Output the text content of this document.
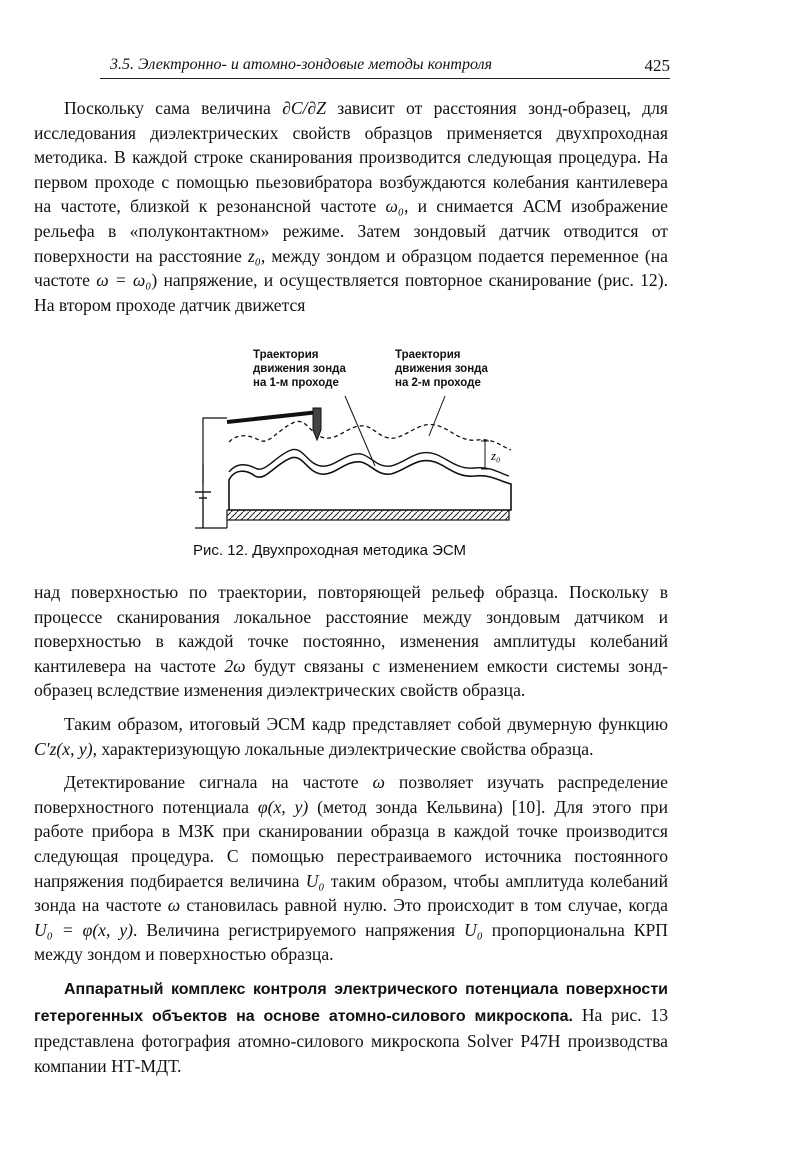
3.5. Электронно- и атомно-зондовые методы контроля	425

Поскольку сама величина ∂C/∂Z зависит от расстояния зонд-образец, для исследования диэлектрических свойств образцов применяется двухпроходная методика. В каждой строке сканирования производится следующая процедура. На первом проходе с помощью пьезовибратора возбуждаются колебания кантилевера на частоте, близкой к резонансной частоте ω₀, и снимается АСМ изображение рельефа в «полуконтактном» режиме. Затем зондовый датчик отводится от поверхности на расстояние z₀, между зондом и образцом подается переменное (на частоте ω = ω₀) напряжение, и осуществляется повторное сканирование (рис. 12). На втором проходе датчик движется

Траектория
движения зонда
на 1-м проходе
Траектория
движения зонда
на 2-м проходе
z₀
Рис. 12. Двухпроходная методика ЭСМ

над поверхностью по траектории, повторяющей рельеф образца. Поскольку в процессе сканирования локальное расстояние между зондовым датчиком и поверхностью в каждой точке постоянно, изменения амплитуды колебаний кантилевера на частоте 2ω будут связаны с изменением емкости системы зонд-образец вследствие изменения диэлектрических свойств образца.

Таким образом, итоговый ЭСМ кадр представляет собой двумерную функцию C′z(x, y), характеризующую локальные диэлектрические свойства образца.

Детектирование сигнала на частоте ω позволяет изучать распределение поверхностного потенциала φ(x, y) (метод зонда Кельвина) [10]. Для этого при работе прибора в МЗК при сканировании образца в каждой точке производится следующая процедура. С помощью перестраиваемого источника постоянного напряжения подбирается величина U₀ таким образом, чтобы амплитуда колебаний зонда на частоте ω становилась равной нулю. Это происходит в том случае, когда U₀ = φ(x, y). Величина регистрируемого напряжения U₀ пропорциональна КРП между зондом и поверхностью образца.

Аппаратный комплекс контроля электрического потенциала поверхности гетерогенных объектов на основе атомно-силового микроскопа. На рис. 13 представлена фотография атомно-силового микроскопа Solver P47H производства компании НТ-МДТ.
